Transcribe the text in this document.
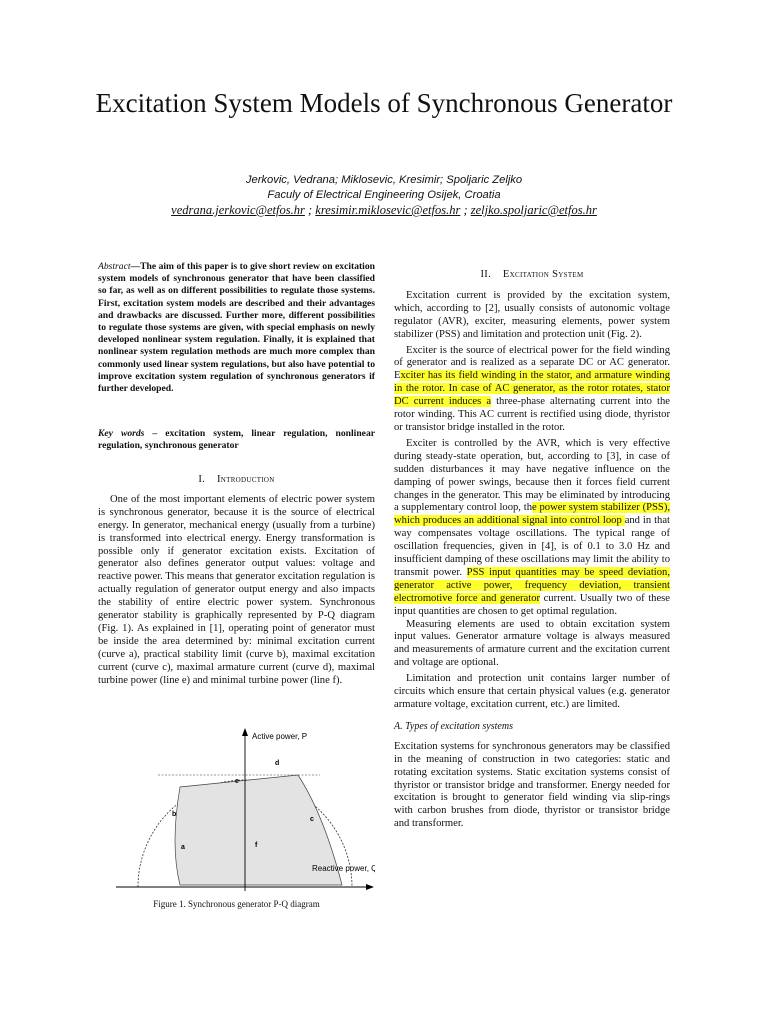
Excitation System Models of Synchronous Generator
Jerkovic, Vedrana; Miklosevic, Kresimir; Spoljaric Zeljko
Faculy of Electrical Engineering Osijek, Croatia
vedrana.jerkovic@etfos.hr ; kresimir.miklosevic@etfos.hr ; zeljko.spoljaric@etfos.hr
Abstract—The aim of this paper is to give short review on excitation system models of synchronous generator that have been classified so far, as well as on different possibilities to regulate those systems. First, excitation system models are described and their advantages and drawbacks are discussed. Further more, different possibilities to regulate those systems are given, with special emphasis on newly developed nonlinear system regulation. Finally, it is explained that nonlinear system regulation methods are much more complex than commonly used linear system regulations, but also have potential to improve excitation system regulation of synchronous generators if further developed.
Key words – excitation system, linear regulation, nonlinear regulation, synchronous generator
I. Introduction

One of the most important elements of electric power system is synchronous generator, because it is the source of electrical energy. In generator, mechanical energy (usually from a turbine) is transformed into electrical energy. Energy transformation is possible only if generator excitation exists. Excitation of generator also defines generator output values: voltage and reactive power. This means that generator excitation regulation is actually regulation of generator output energy and also impacts the stability of entire electric power system. Synchronous generator stability is graphically represented by P-Q diagram (Fig. 1). As explained in [1], operating point of generator must be inside the area determined by: minimal excitation current (curve a), practical stability limit (curve b), maximal excitation current (curve c), maximal armature current (curve d), maximal turbine power (line e) and minimal turbine power (line f).

Active power, P
Reactive power, Q
e
d
b
c
a	f
Figure 1. Synchronous generator P-Q diagram
II. Excitation System

Excitation current is provided by the excitation system, which, according to [2], usually consists of autonomic voltage regulator (AVR), exciter, measuring elements, power system stabilizer (PSS) and limitation and protection unit (Fig. 2).

Exciter is the source of electrical power for the field winding of generator and is realized as a separate DC or AC generator. Exciter has its field winding in the stator, and armature winding in the rotor. In case of AC generator, as the rotor rotates, stator DC current induces a three-phase alternating current into the rotor winding. This AC current is rectified using diode, thyristor or transistor bridge installed in the rotor.

Exciter is controlled by the AVR, which is very effective during steady-state operation, but, according to [3], in case of sudden disturbances it may have negative influence on the damping of power swings, because then it forces field current changes in the generator. This may be eliminated by introducing a supplementary control loop, the power system stabilizer (PSS), which produces an additional signal into control loop and in that way compensates voltage oscillations. The typical range of oscillation frequencies, given in [4], is of 0.1 to 3.0 Hz and insufficient damping of these oscillations may limit the ability to transmit power. PSS input quantities may be speed deviation, generator active power, frequency deviation, transient electromotive force and generator current. Usually two of these input quantities are chosen to get optimal regulation.

Measuring elements are used to obtain excitation system input values. Generator armature voltage is always measured and measurements of armature current and the excitation current and voltage are optional.

Limitation and protection unit contains larger number of circuits which ensure that certain physical values (e.g. generator armature voltage, excitation current, etc.) are limited.

A. Types of excitation systems

Excitation systems for synchronous generators may be classified in the meaning of construction in two categories: static and rotating excitation systems. Static excitation systems consist of thyristor or transistor bridge and transformer. Energy needed for excitation is brought to generator field winding via slip-rings with carbon brushes from diode, thyristor or transistor bridge and transformer.
